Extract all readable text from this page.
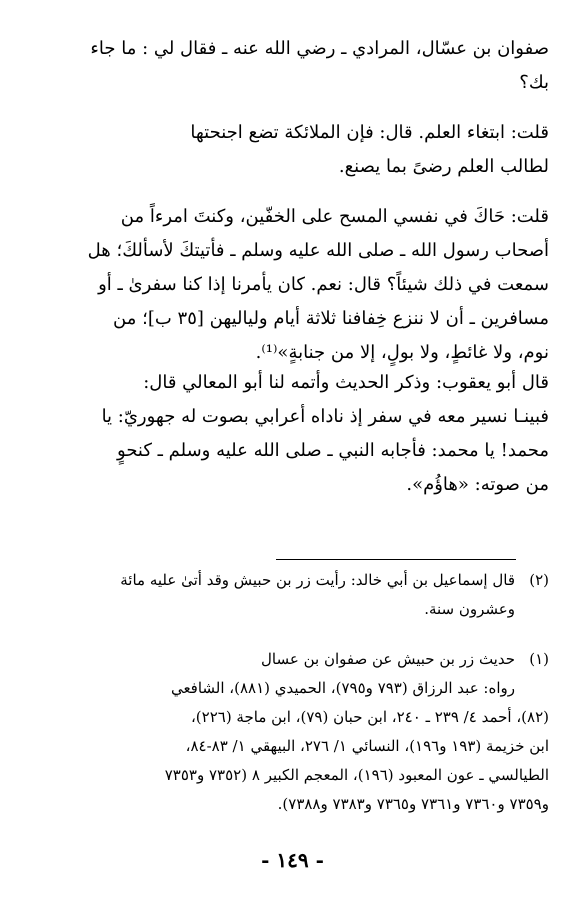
صفوان بن عسّال، المرادي ـ رضي الله عنه ـ فقال لي : ما جاء
بك؟
قلت: ابتغاء العلم. قال: فإن الملائكة تضع اجنحتها
لطالب العلم رضىً بما يصنع.
قلت: حَاكَ في نفسي المسح على الخفّين، وكنتَ امرءاً من
أصحاب رسول الله ـ صلى الله عليه وسلم ـ فأتيتكَ لأسألكَ؛ هل
سمعت في ذلك شيئاً؟ قال: نعم. كان يأمرنا إذا كنا سفرىٰ ـ أو
مسافرين ـ أن لا ننزع خِفافنا ثلاثة أيام ولياليهن [٣٥ ب]؛ من
نوم، ولا غائطٍ، ولا بولٍ، إلا من جنابةٍ»⁽¹⁾.
قال أبو يعقوب: وذكر الحديث وأتمه لنا أبو المعالي قال:
فبينـا نسير معه في سفر إذ ناداه أعرابي بصوت له جهوريّ: يا
محمد! يا محمد: فأجابه النبي ـ صلى الله عليه وسلم ـ كنحوٍ
من صوته: «هاؤُم».
(٢)قال إسماعيل بن أبي خالد: رأيت زر بن حبيش وقد أتىٰ عليه مائة
وعشرون سنة.
(١)حديث زر بن حبيش عن صفوان بن عسال
رواه: عبد الرزاق (٧٩٣ و٧٩٥)، الحميدي (٨٨١)، الشافعي
(٨٢)، أحمد ٤/ ٢٣٩ ـ ٢٤٠، ابن حبان (٧٩)، ابن ماجة (٢٢٦)،
ابن خزيمة (١٩٣ و١٩٦)، النسائي ١/ ٢٧٦، البيهقي ١/ ٨٣-٨٤،
الطيالسي ـ عون المعبود (١٩٦)، المعجم الكبير ٨ (٧٣٥٢ و٧٣٥٣
و٧٣٥٩ و٧٣٦٠ و٧٣٦١ و٧٣٦٥ و٧٣٨٣ و٧٣٨٨).
- ١٤٩ -
